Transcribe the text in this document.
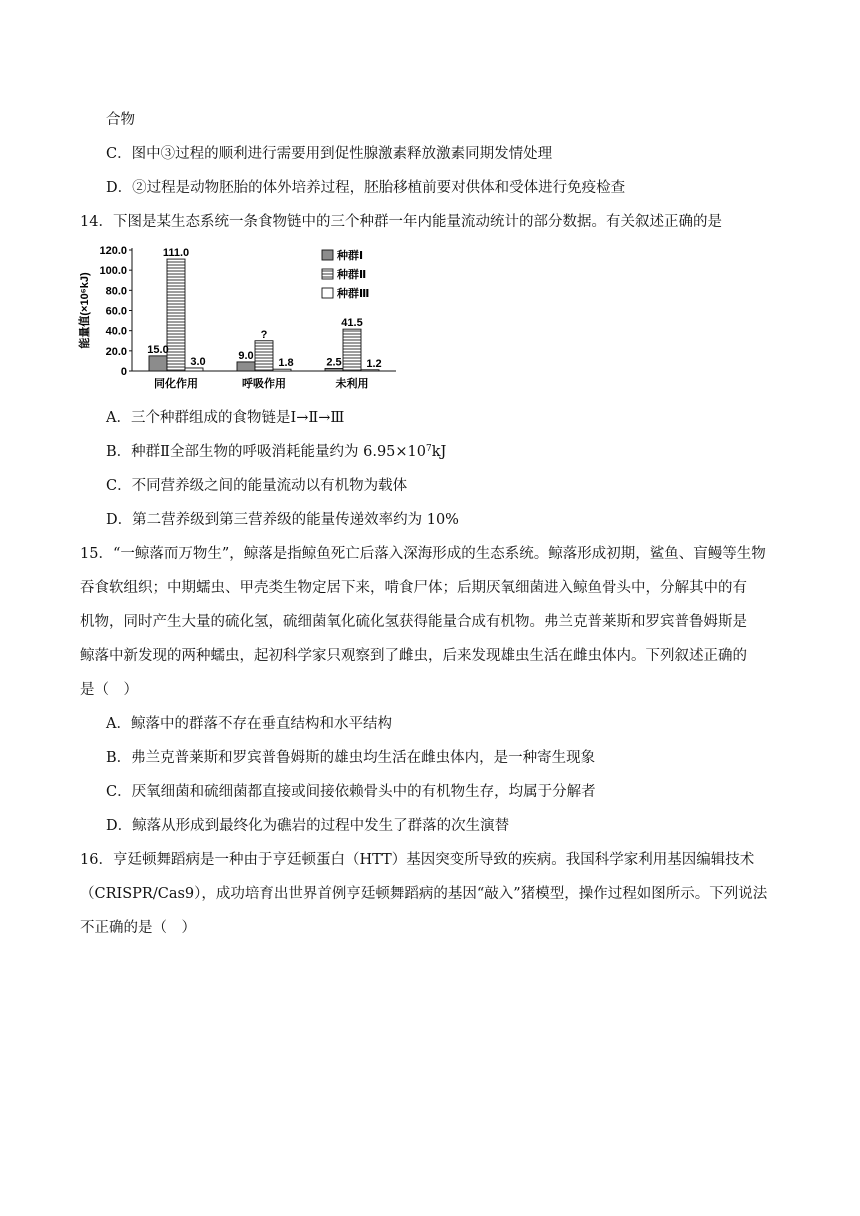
合物
C．图中③过程的顺利进行需要用到促性腺激素释放激素同期发情处理
D．②过程是动物胚胎的体外培养过程，胚胎移植前要对供体和受体进行免疫检查
14．下图是某生态系统一条食物链中的三个种群一年内能量流动统计的部分数据。有关叙述正确的是
能量值(×10⁶kJ)
0
20.0
40.0
60.0
80.0
100.0
120.0
15.0
111.0
3.0
同化作用
9.0
?
1.8
呼吸作用
2.5
41.5
1.2
未利用
种群Ⅰ
种群Ⅱ
种群Ⅲ
A．三个种群组成的食物链是Ⅰ→Ⅱ→Ⅲ
B．种群Ⅱ全部生物的呼吸消耗能量约为 $6.95\times 10^7kJ$
C．不同营养级之间的能量流动以有机物为载体
D．第二营养级到第三营养级的能量传递效率约为 10%
15．“一鲸落而万物生”，鲸落是指鲸鱼死亡后落入深海形成的生态系统。鲸落形成初期，鲨鱼、盲鳗等生物
吞食软组织；中期蠕虫、甲壳类生物定居下来，啃食尸体；后期厌氧细菌进入鲸鱼骨头中，分解其中的有
机物，同时产生大量的硫化氢，硫细菌氧化硫化氢获得能量合成有机物。弗兰克普莱斯和罗宾普鲁姆斯是
鲸落中新发现的两种蠕虫，起初科学家只观察到了雌虫，后来发现雄虫生活在雌虫体内。下列叙述正确的
是（　）
A．鲸落中的群落不存在垂直结构和水平结构
B．弗兰克普莱斯和罗宾普鲁姆斯的雄虫均生活在雌虫体内，是一种寄生现象
C．厌氧细菌和硫细菌都直接或间接依赖骨头中的有机物生存，均属于分解者
D．鲸落从形成到最终化为礁岩的过程中发生了群落的次生演替
16．亨廷顿舞蹈病是一种由于亨廷顿蛋白（HTT）基因突变所导致的疾病。我国科学家利用基因编辑技术
（CRISPR/Cas9），成功培育出世界首例亨廷顿舞蹈病的基因“敲入”猪模型，操作过程如图所示。下列说法
不正确的是（　）
